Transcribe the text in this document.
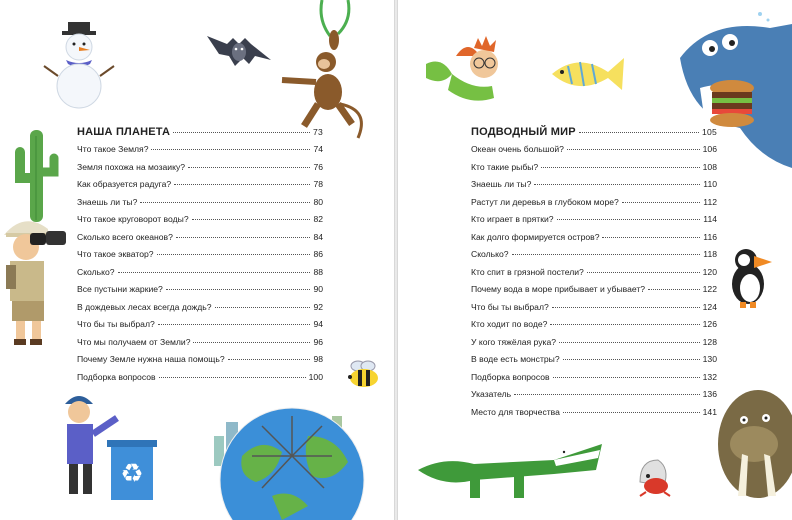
♻
НАША ПЛАНЕТА	73
Что такое Земля?	74
Земля похожа на мозаику?	76
Как образуется радуга?	78
Знаешь ли ты?	80
Что такое круговорот воды?	82
Сколько всего океанов?	84
Что такое экватор?	86
Сколько?	88
Все пустыни жаркие?	90
В дождевых лесах всегда дождь?	92
Что бы ты выбрал?	94
Что мы получаем от Земли?	96
Почему Земле нужна наша помощь?	98
Подборка вопросов	100
ПОДВОДНЫЙ МИР	105
Океан очень большой?	106
Кто такие рыбы?	108
Знаешь ли ты?	110
Растут ли деревья в глубоком море?	112
Кто играет в прятки?	114
Как долго формируется остров?	116
Сколько?	118
Кто спит в грязной постели?	120
Почему вода в море прибывает и убывает?	122
Что бы ты выбрал?	124
Кто ходит по воде?	126
У кого тяжёлая рука?	128
В воде есть монстры?	130
Подборка вопросов	132
Указатель	136
Место для творчества	141
